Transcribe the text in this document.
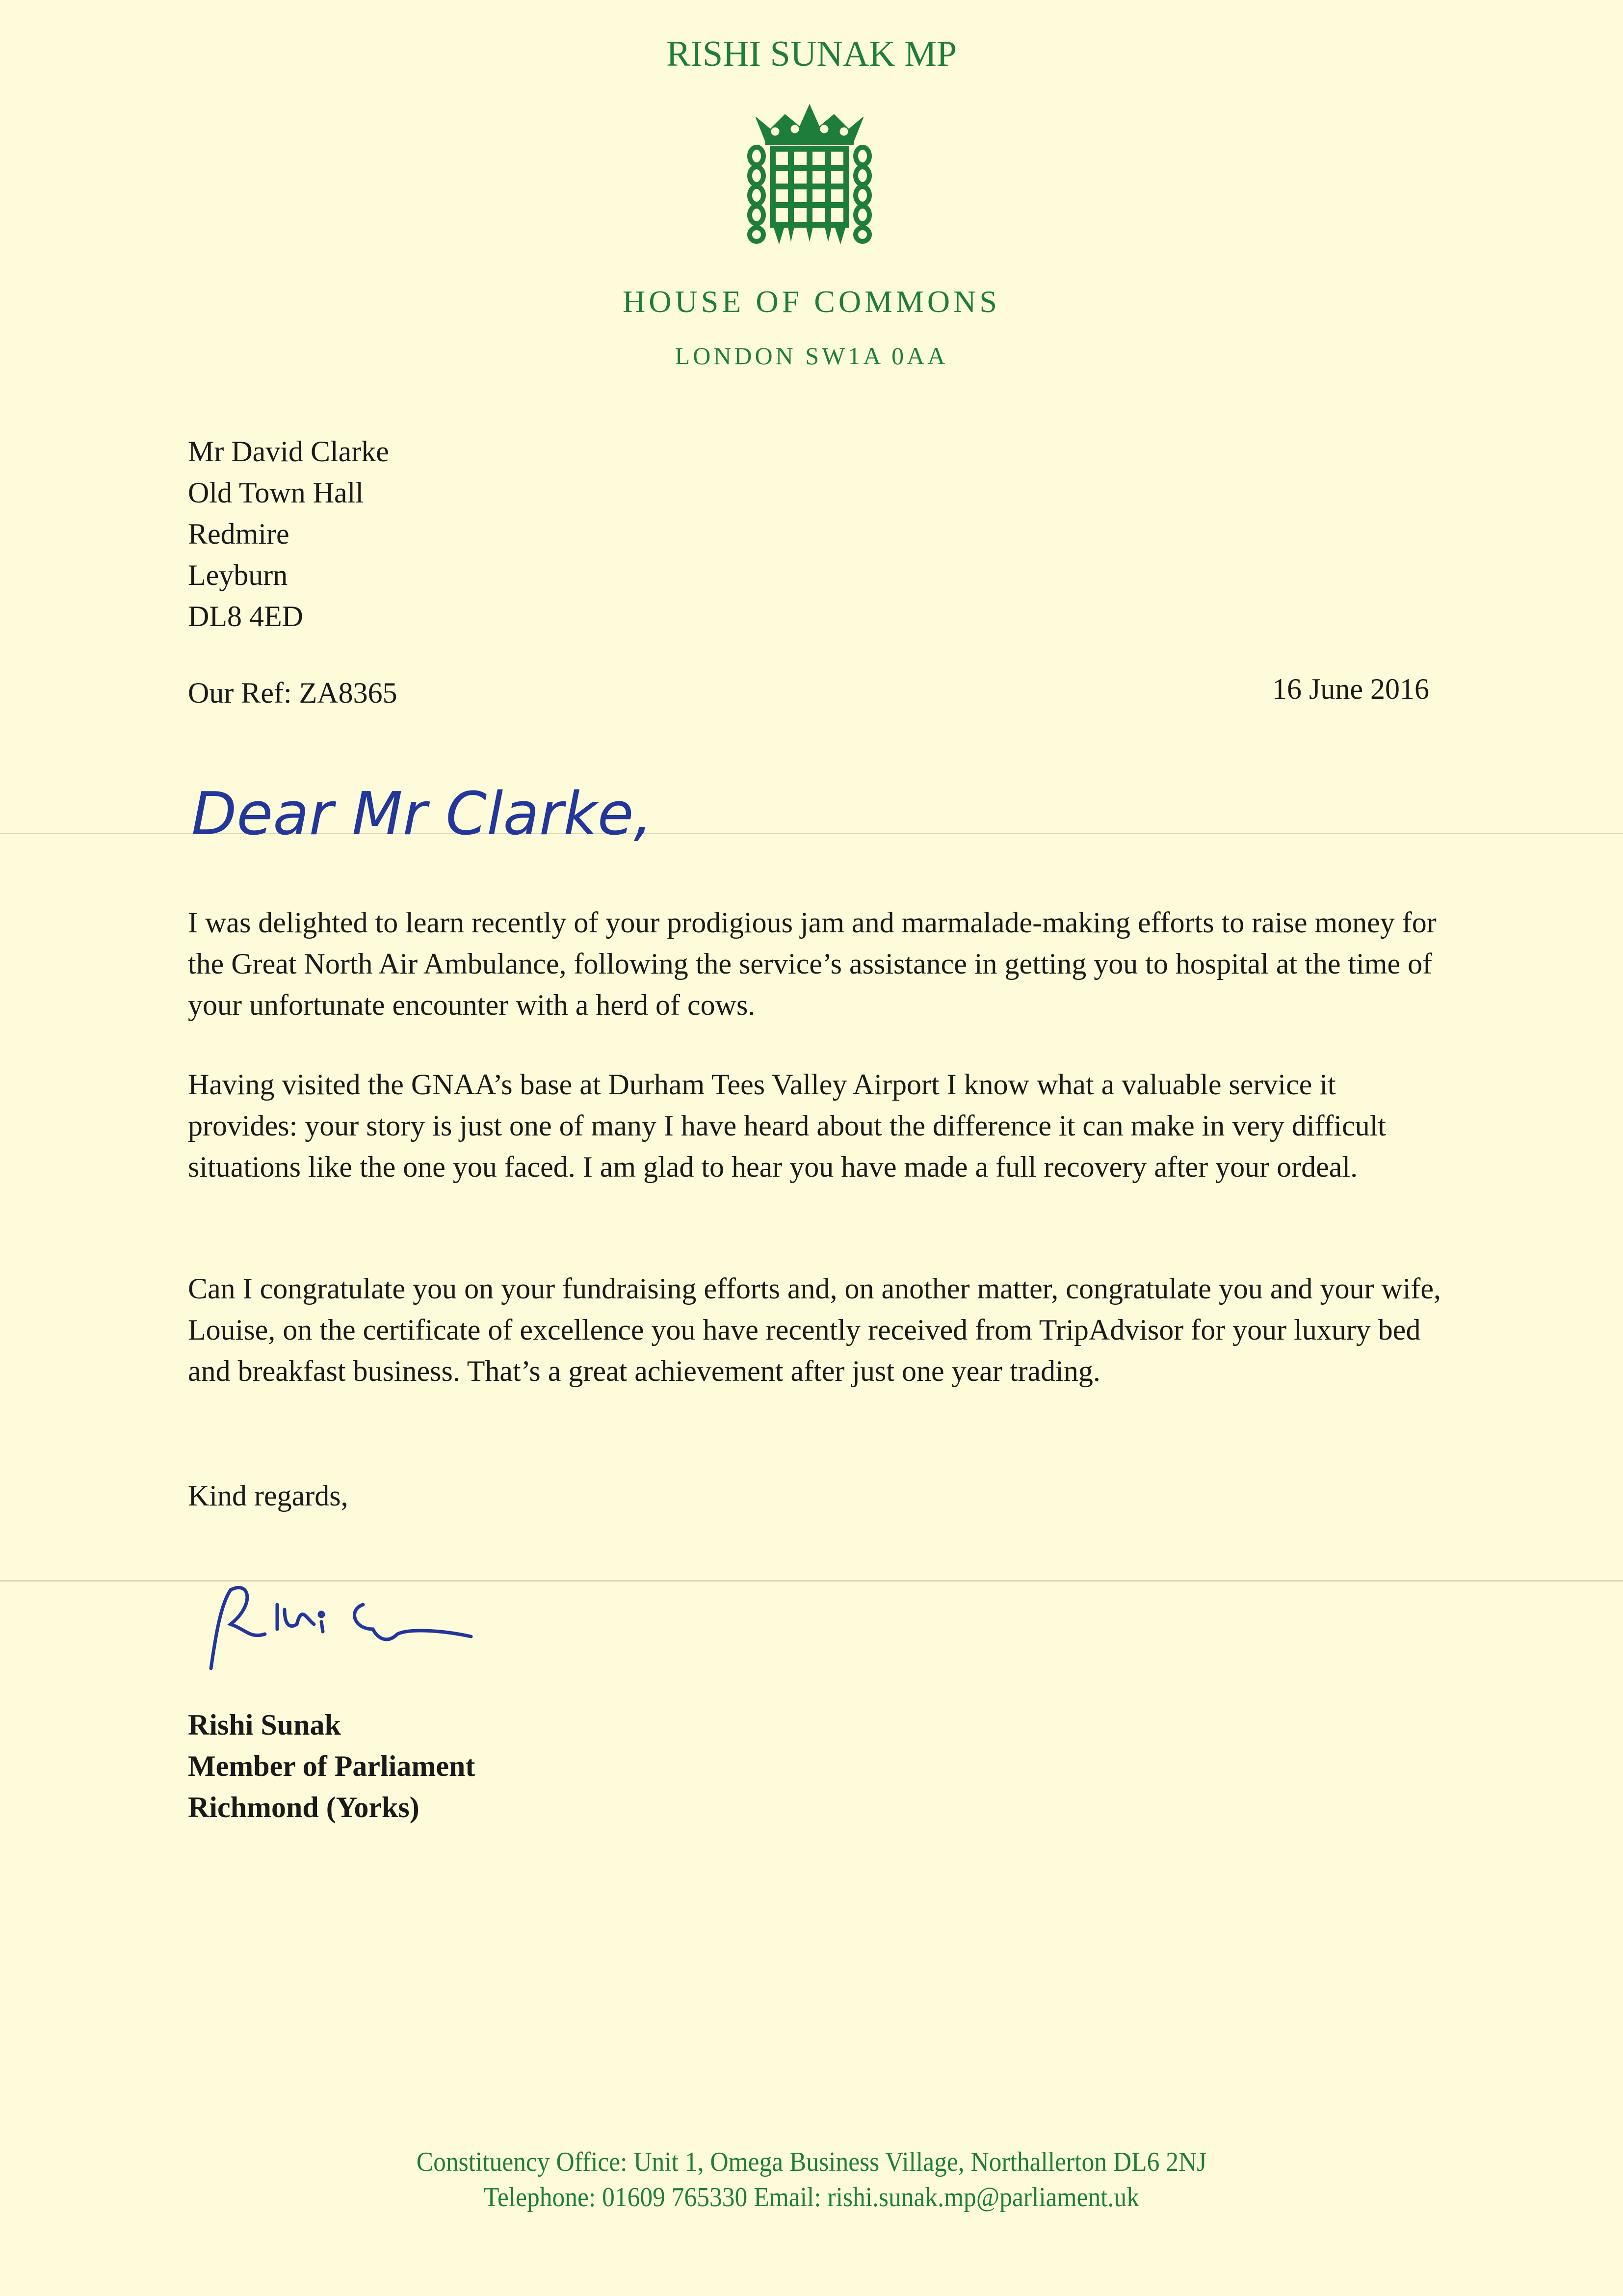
RISHI SUNAK MP
HOUSE OF COMMONS
LONDON SW1A 0AA
Mr David Clarke
Old Town Hall
Redmire
Leyburn
DL8 4ED
Our Ref: ZA8365	16 June 2016
Dear Mr Clarke,
I was delighted to learn recently of your prodigious jam and marmalade-making efforts to raise money for the Great North Air Ambulance, following the service’s assistance in getting you to hospital at the time of your unfortunate encounter with a herd of cows.
Having visited the GNAA’s base at Durham Tees Valley Airport I know what a valuable service it provides: your story is just one of many I have heard about the difference it can make in very difficult situations like the one you faced. I am glad to hear you have made a full recovery after your ordeal.
Can I congratulate you on your fundraising efforts and, on another matter, congratulate you and your wife, Louise, on the certificate of excellence you have recently received from TripAdvisor for your luxury bed and breakfast business. That’s a great achievement after just one year trading.
Kind regards,
Rishi Sunak
Member of Parliament
Richmond (Yorks)
Constituency Office: Unit 1, Omega Business Village, Northallerton DL6 2NJ
Telephone: 01609 765330 Email: rishi.sunak.mp@parliament.uk
